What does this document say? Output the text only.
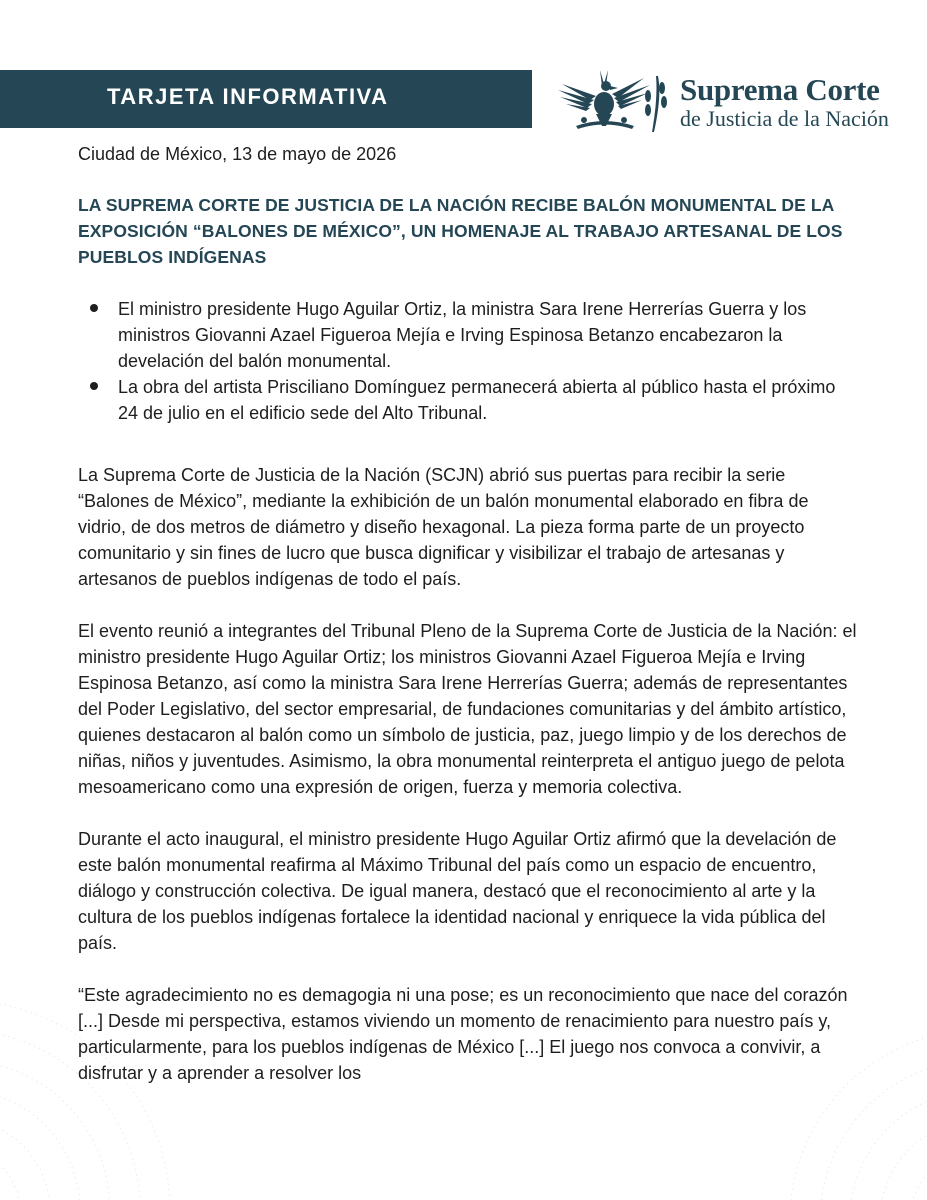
TARJETA INFORMATIVA	Suprema Corte
de Justicia de la Nación

Ciudad de México, 13 de mayo de 2026

LA SUPREMA CORTE DE JUSTICIA DE LA NACIÓN RECIBE BALÓN MONUMENTAL DE LA EXPOSICIÓN “BALONES DE MÉXICO”, UN HOMENAJE AL TRABAJO ARTESANAL DE LOS PUEBLOS INDÍGENAS
El ministro presidente Hugo Aguilar Ortiz, la ministra Sara Irene Herrerías Guerra y los ministros Giovanni Azael Figueroa Mejía e Irving Espinosa Betanzo encabezaron la develación del balón monumental.
La obra del artista Prisciliano Domínguez permanecerá abierta al público hasta el próximo 24 de julio en el edificio sede del Alto Tribunal.

La Suprema Corte de Justicia de la Nación (SCJN) abrió sus puertas para recibir la serie “Balones de México”, mediante la exhibición de un balón monumental elaborado en fibra de vidrio, de dos metros de diámetro y diseño hexagonal. La pieza forma parte de un proyecto comunitario y sin fines de lucro que busca dignificar y visibilizar el trabajo de artesanas y artesanos de pueblos indígenas de todo el país.

El evento reunió a integrantes del Tribunal Pleno de la Suprema Corte de Justicia de la Nación: el ministro presidente Hugo Aguilar Ortiz; los ministros Giovanni Azael Figueroa Mejía e Irving Espinosa Betanzo, así como la ministra Sara Irene Herrerías Guerra; además de representantes del Poder Legislativo, del sector empresarial, de fundaciones comunitarias y del ámbito artístico, quienes destacaron al balón como un símbolo de justicia, paz, juego limpio y de los derechos de niñas, niños y juventudes. Asimismo, la obra monumental reinterpreta el antiguo juego de pelota mesoamericano como una expresión de origen, fuerza y memoria colectiva.

Durante el acto inaugural, el ministro presidente Hugo Aguilar Ortiz afirmó que la develación de este balón monumental reafirma al Máximo Tribunal del país como un espacio de encuentro, diálogo y construcción colectiva. De igual manera, destacó que el reconocimiento al arte y la cultura de los pueblos indígenas fortalece la identidad nacional y enriquece la vida pública del país.

“Este agradecimiento no es demagogia ni una pose; es un reconocimiento que nace del corazón [...] Desde mi perspectiva, estamos viviendo un momento de renacimiento para nuestro país y, particularmente, para los pueblos indígenas de México [...] El juego nos convoca a convivir, a disfrutar y a aprender a resolver los
